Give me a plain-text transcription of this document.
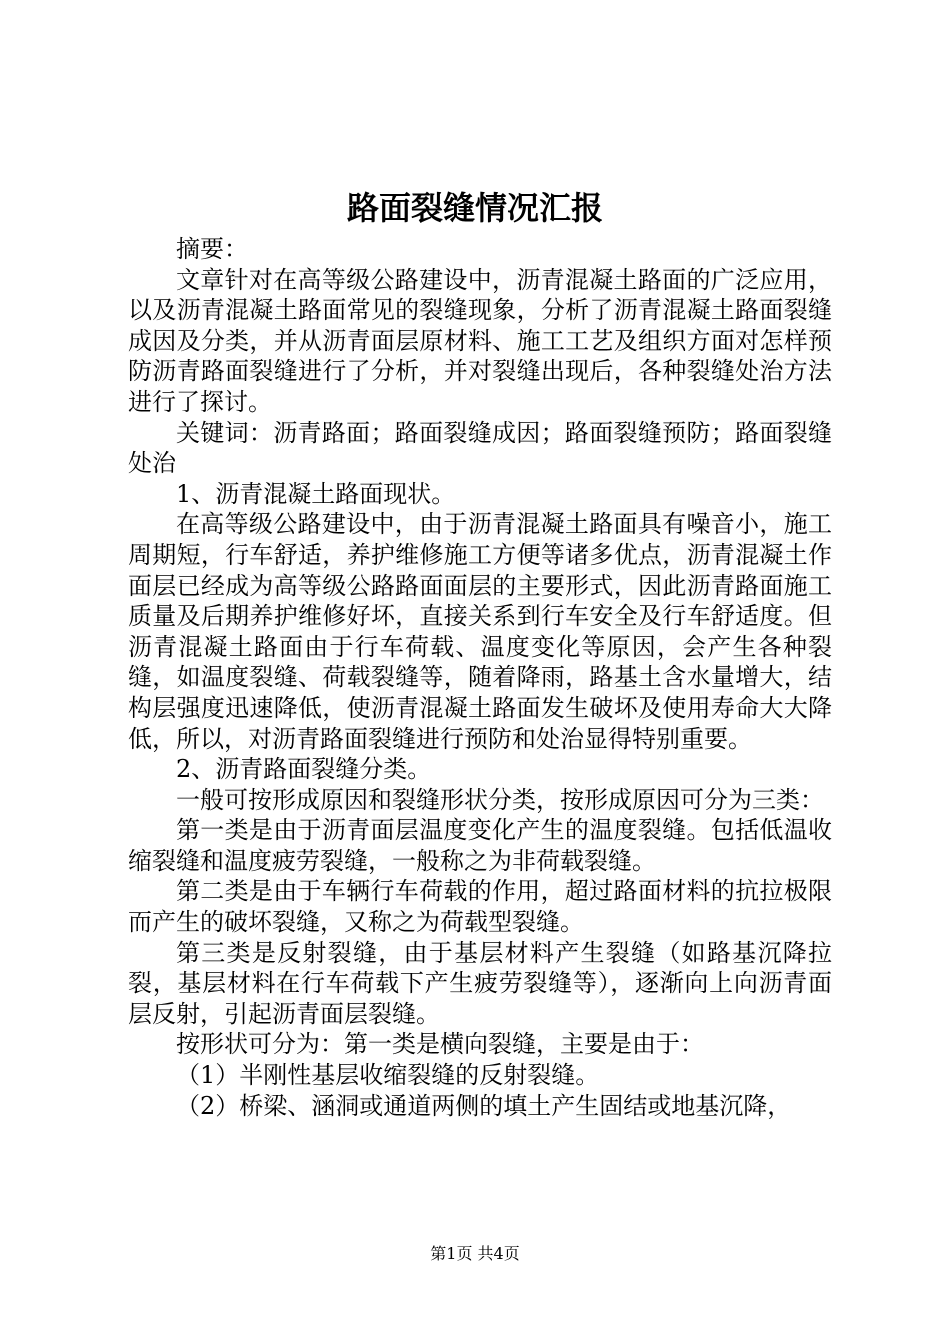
路面裂缝情况汇报

摘要：

文章针对在高等级公路建设中，沥青混凝土路面的广泛应用，以及沥青混凝土路面常见的裂缝现象，分析了沥青混凝土路面裂缝成因及分类，并从沥青面层原材料、施工工艺及组织方面对怎样预防沥青路面裂缝进行了分析，并对裂缝出现后，各种裂缝处治方法进行了探讨。

关键词：沥青路面；路面裂缝成因；路面裂缝预防；路面裂缝处治

1、沥青混凝土路面现状。

在高等级公路建设中，由于沥青混凝土路面具有噪音小，施工周期短，行车舒适，养护维修施工方便等诸多优点，沥青混凝土作面层已经成为高等级公路路面面层的主要形式，因此沥青路面施工质量及后期养护维修好坏，直接关系到行车安全及行车舒适度。但沥青混凝土路面由于行车荷载、温度变化等原因，会产生各种裂缝，如温度裂缝、荷载裂缝等，随着降雨，路基土含水量增大，结构层强度迅速降低，使沥青混凝土路面发生破坏及使用寿命大大降低，所以，对沥青路面裂缝进行预防和处治显得特别重要。

2、沥青路面裂缝分类。

一般可按形成原因和裂缝形状分类，按形成原因可分为三类：

第一类是由于沥青面层温度变化产生的温度裂缝。包括低温收缩裂缝和温度疲劳裂缝，一般称之为非荷载裂缝。

第二类是由于车辆行车荷载的作用，超过路面材料的抗拉极限而产生的破坏裂缝，又称之为荷载型裂缝。

第三类是反射裂缝，由于基层材料产生裂缝（如路基沉降拉裂，基层材料在行车荷载下产生疲劳裂缝等），逐渐向上向沥青面层反射，引起沥青面层裂缝。

按形状可分为：第一类是横向裂缝，主要是由于：

（1）半刚性基层收缩裂缝的反射裂缝。

（2）桥梁、涵洞或通道两侧的填土产生固结或地基沉降，

第1页 共4页
